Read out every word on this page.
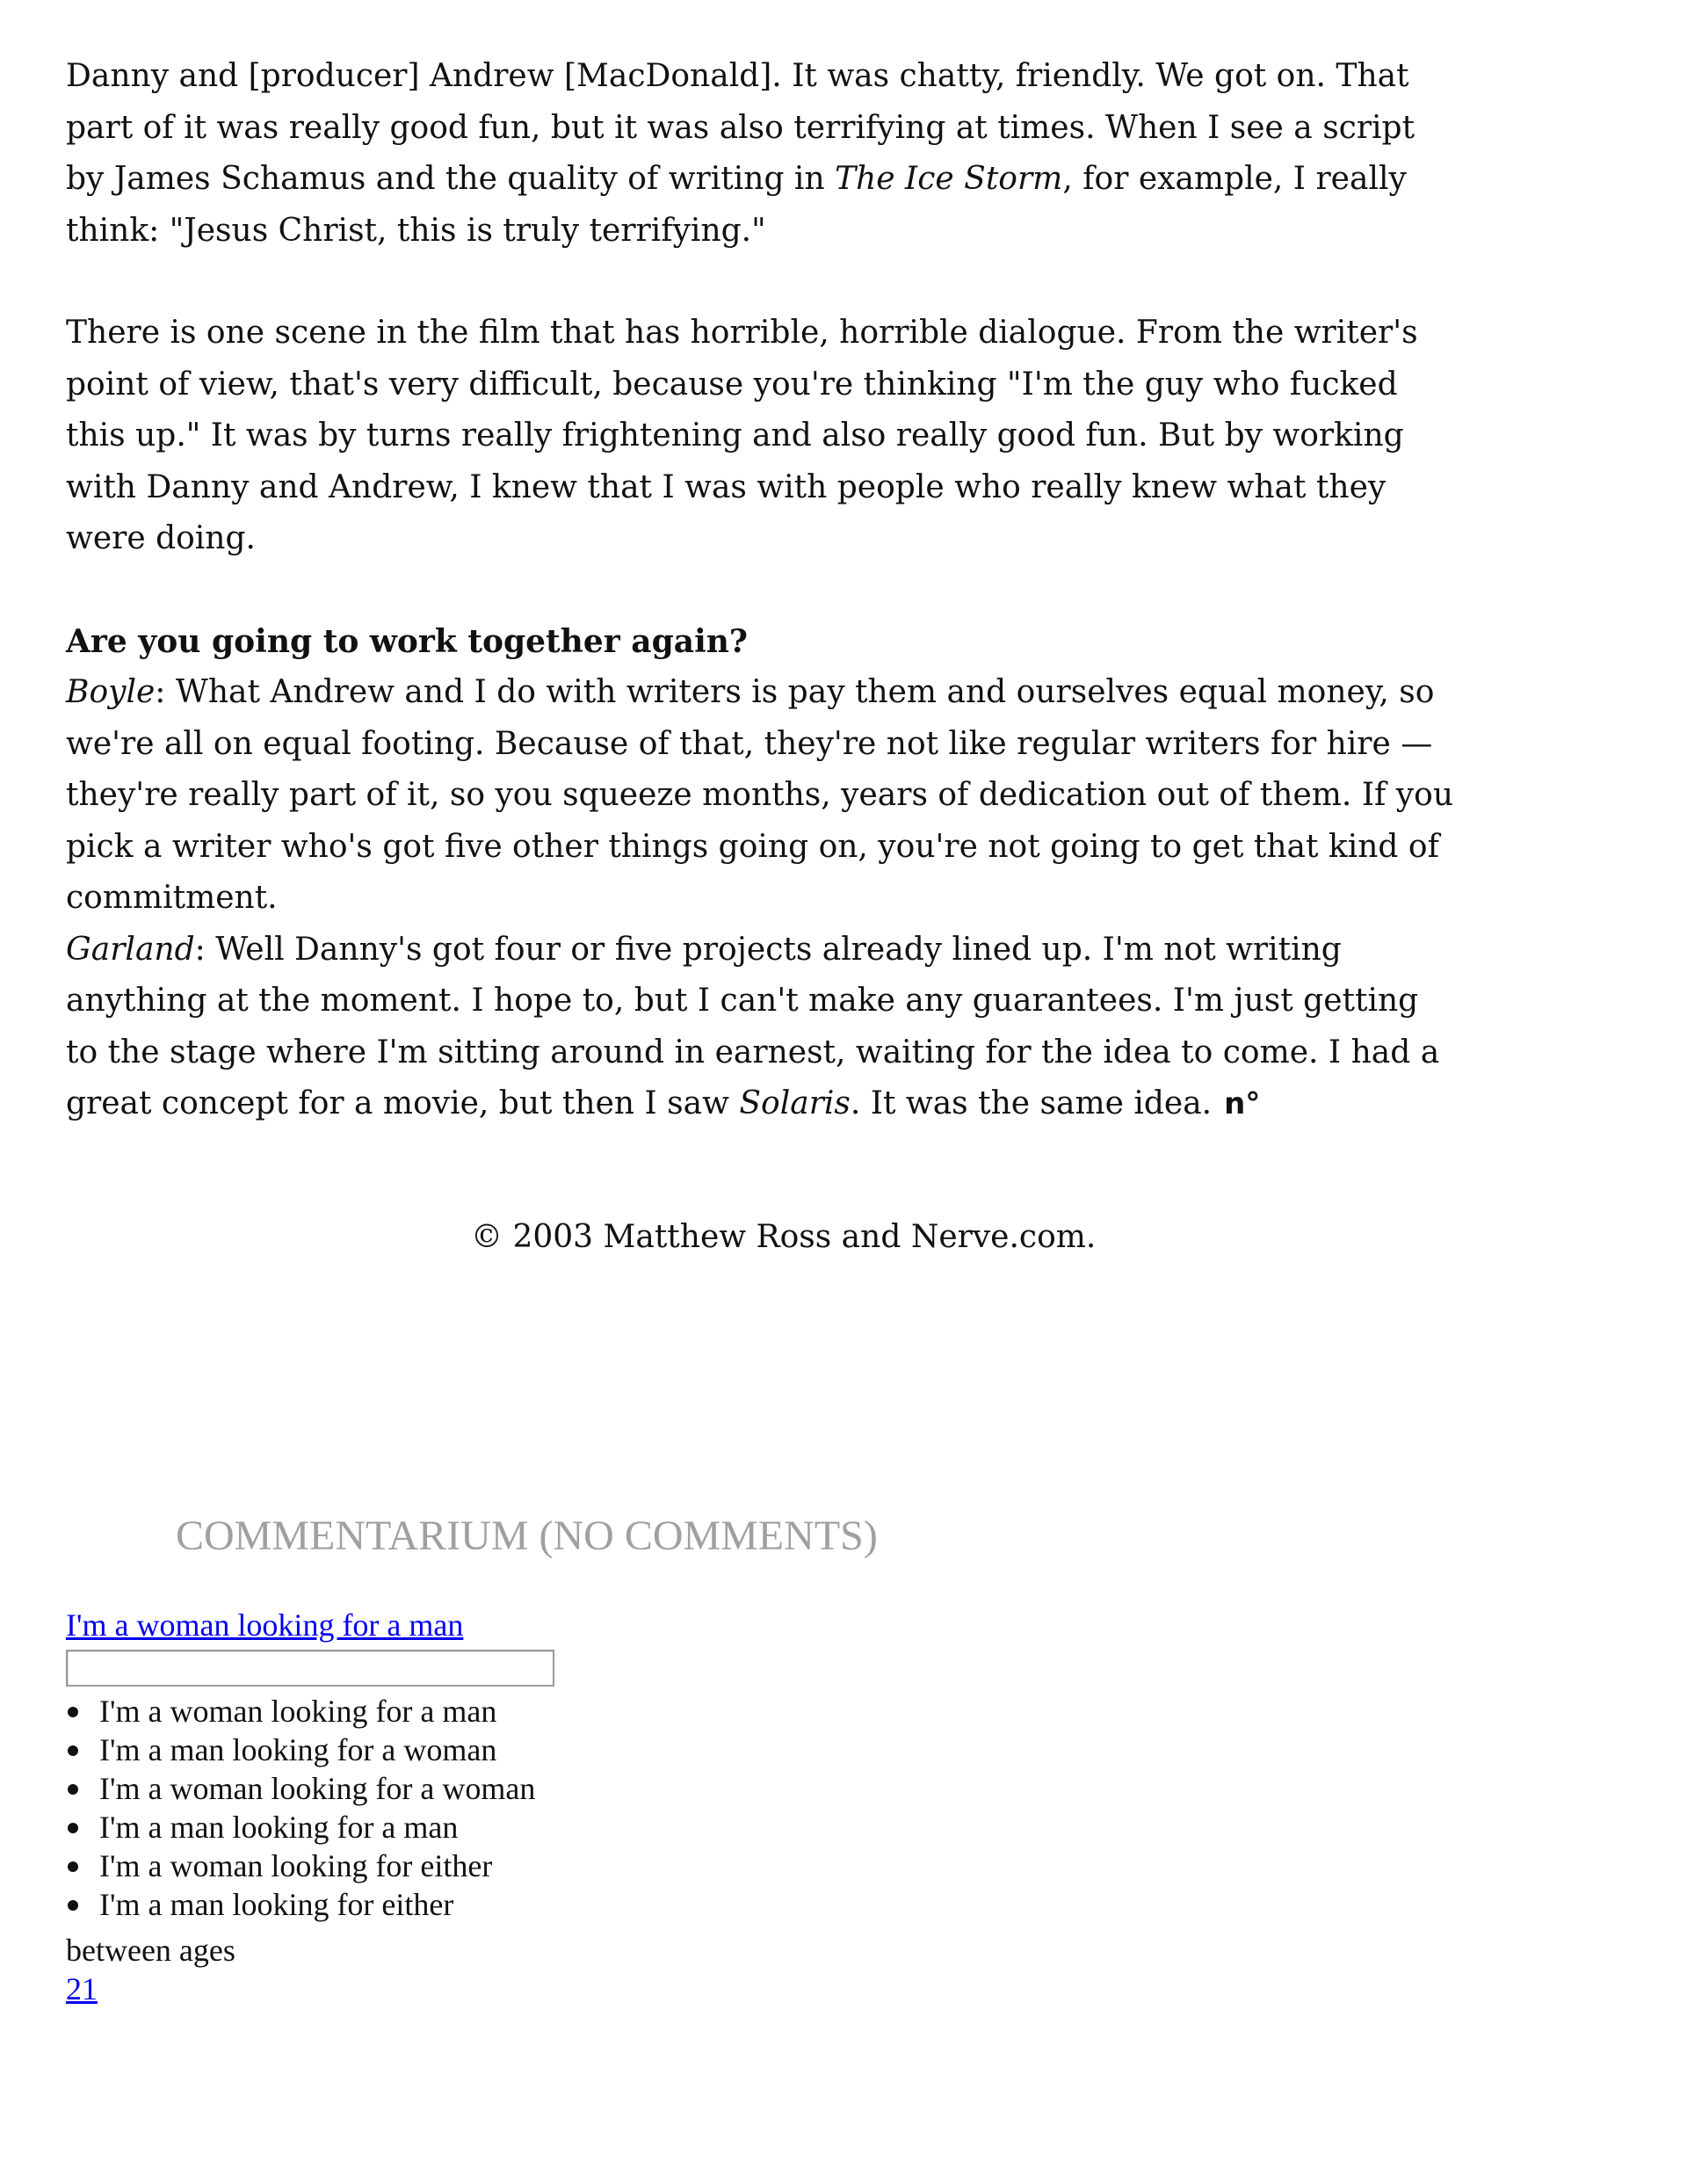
Danny and [producer] Andrew [MacDonald]. It was chatty, friendly. We got on. That part of it was really good fun, but it was also terrifying at times. When I see a script by James Schamus and the quality of writing in The Ice Storm, for example, I really think: "Jesus Christ, this is truly terrifying."

There is one scene in the film that has horrible, horrible dialogue. From the writer's point of view, that's very difficult, because you're thinking "I'm the guy who fucked this up." It was by turns really frightening and also really good fun. But by working with Danny and Andrew, I knew that I was with people who really knew what they were doing.

Are you going to work together again?

Boyle: What Andrew and I do with writers is pay them and ourselves equal money, so we're all on equal footing. Because of that, they're not like regular writers for hire — they're really part of it, so you squeeze months, years of dedication out of them. If you pick a writer who's got five other things going on, you're not going to get that kind of commitment.

Garland: Well Danny's got four or five projects already lined up. I'm not writing anything at the moment. I hope to, but I can't make any guarantees. I'm just getting to the stage where I'm sitting around in earnest, waiting for the idea to come. I had a great concept for a movie, but then I saw Solaris. It was the same idea. n°

© 2003 Matthew Ross and Nerve.com.
COMMENTARIUM (NO COMMENTS)
I'm a woman looking for a man
I'm a woman looking for a man
I'm a man looking for a woman
I'm a woman looking for a woman
I'm a man looking for a man
I'm a woman looking for either
I'm a man looking for either
between ages
21
